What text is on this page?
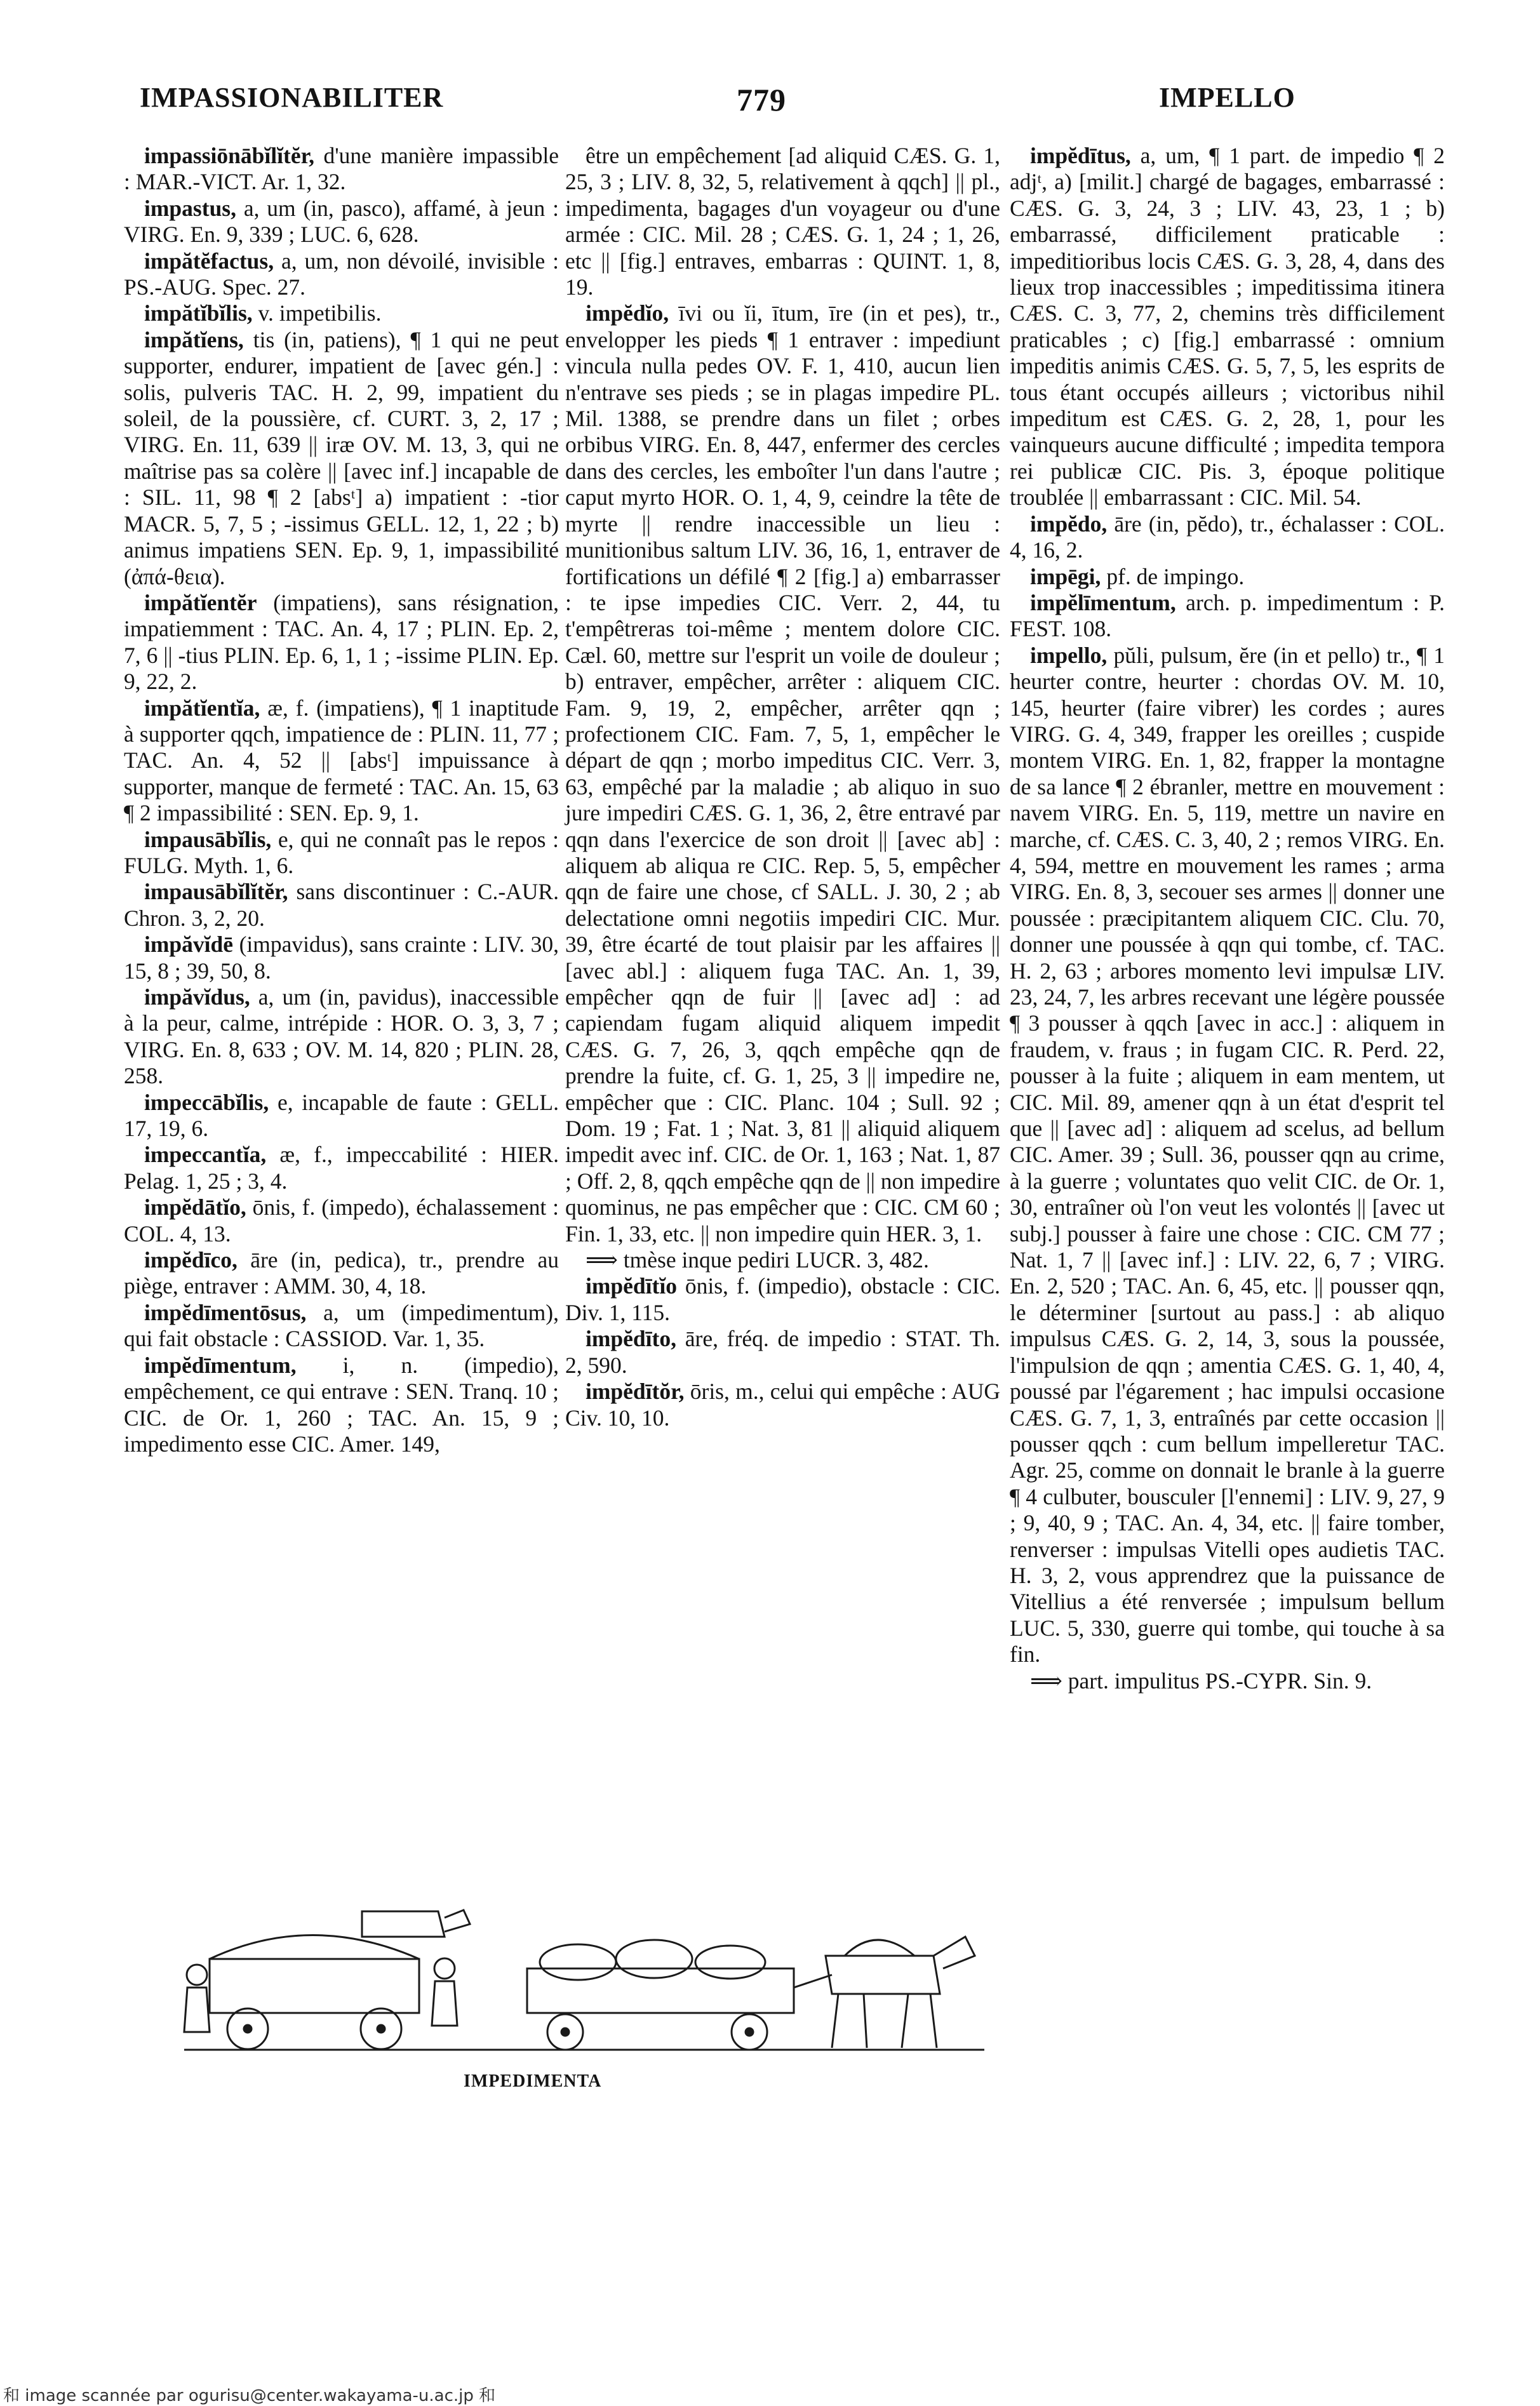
IMPASSIONABILITER	779	IMPELLO

impassiōnābĭlĭtĕr, d'une manière impassible : MAR.-VICT. Ar. 1, 32.

impastus, a, um (in, pasco), affamé, à jeun : VIRG. En. 9, 339 ; LUC. 6, 628.

impătĕfactus, a, um, non dévoilé, invisible : PS.-AUG. Spec. 27.

impătĭbĭlis, v. impetibilis.

impătĭens, tis (in, patiens), ¶ 1 qui ne peut supporter, endurer, impatient de [avec gén.] : solis, pulveris TAC. H. 2, 99, impatient du soleil, de la poussière, cf. CURT. 3, 2, 17 ; VIRG. En. 11, 639 || iræ OV. M. 13, 3, qui ne maîtrise pas sa colère || [avec inf.] incapable de : SIL. 11, 98 ¶ 2 [absᵗ] a) impatient : -tior MACR. 5, 7, 5 ; -issimus GELL. 12, 1, 22 ; b) animus impatiens SEN. Ep. 9, 1, impassibilité (ἀπά-θεια).

impătĭentĕr (impatiens), sans résignation, impatiemment : TAC. An. 4, 17 ; PLIN. Ep. 2, 7, 6 || -tius PLIN. Ep. 6, 1, 1 ; -issime PLIN. Ep. 9, 22, 2.

impătĭentĭa, æ, f. (impatiens), ¶ 1 inaptitude à supporter qqch, impatience de : PLIN. 11, 77 ; TAC. An. 4, 52 || [absᵗ] impuissance à supporter, manque de fermeté : TAC. An. 15, 63 ¶ 2 impassibilité : SEN. Ep. 9, 1.

impausābĭlis, e, qui ne connaît pas le repos : FULG. Myth. 1, 6.

impausābĭlĭtĕr, sans discontinuer : C.-AUR. Chron. 3, 2, 20.

impăvĭdē (impavidus), sans crainte : LIV. 30, 15, 8 ; 39, 50, 8.

impăvĭdus, a, um (in, pavidus), inaccessible à la peur, calme, intrépide : HOR. O. 3, 3, 7 ; VIRG. En. 8, 633 ; OV. M. 14, 820 ; PLIN. 28, 258.

impeccābĭlis, e, incapable de faute : GELL. 17, 19, 6.

impeccantĭa, æ, f., impeccabilité : HIER. Pelag. 1, 25 ; 3, 4.

impĕdātĭo, ōnis, f. (impedo), échalassement : COL. 4, 13.

impĕdīco, āre (in, pedica), tr., prendre au piège, entraver : AMM. 30, 4, 18.

impĕdīmentōsus, a, um (impedimentum), qui fait obstacle : CASSIOD. Var. 1, 35.

impĕdīmentum, i, n. (impedio), empêchement, ce qui entrave : SEN. Tranq. 10 ; CIC. de Or. 1, 260 ; TAC. An. 15, 9 ; impedimento esse CIC. Amer. 149,

être un empêchement [ad aliquid CÆS. G. 1, 25, 3 ; LIV. 8, 32, 5, relativement à qqch] || pl., impedimenta, bagages d'un voyageur ou d'une armée : CIC. Mil. 28 ; CÆS. G. 1, 24 ; 1, 26, etc || [fig.] entraves, embarras : QUINT. 1, 8, 19.

impĕdĭo, īvi ou ĭi, ītum, īre (in et pes), tr., envelopper les pieds ¶ 1 entraver : impediunt vincula nulla pedes OV. F. 1, 410, aucun lien n'entrave ses pieds ; se in plagas impedire PL. Mil. 1388, se prendre dans un filet ; orbes orbibus VIRG. En. 8, 447, enfermer des cercles dans des cercles, les emboîter l'un dans l'autre ; caput myrto HOR. O. 1, 4, 9, ceindre la tête de myrte || rendre inaccessible un lieu : munitionibus saltum LIV. 36, 16, 1, entraver de fortifications un défilé ¶ 2 [fig.] a) embarrasser : te ipse impedies CIC. Verr. 2, 44, tu t'empêtreras toi-même ; mentem dolore CIC. Cæl. 60, mettre sur l'esprit un voile de douleur ; b) entraver, empêcher, arrêter : aliquem CIC. Fam. 9, 19, 2, empêcher, arrêter qqn ; profectionem CIC. Fam. 7, 5, 1, empêcher le départ de qqn ; morbo impeditus CIC. Verr. 3, 63, empêché par la maladie ; ab aliquo in suo jure impediri CÆS. G. 1, 36, 2, être entravé par qqn dans l'exercice de son droit || [avec ab] : aliquem ab aliqua re CIC. Rep. 5, 5, empêcher qqn de faire une chose, cf SALL. J. 30, 2 ; ab delectatione omni negotiis impediri CIC. Mur. 39, être écarté de tout plaisir par les affaires || [avec abl.] : aliquem fuga TAC. An. 1, 39, empêcher qqn de fuir || [avec ad] : ad capiendam fugam aliquid aliquem impedit CÆS. G. 7, 26, 3, qqch empêche qqn de prendre la fuite, cf. G. 1, 25, 3 || impedire ne, empêcher que : CIC. Planc. 104 ; Sull. 92 ; Dom. 19 ; Fat. 1 ; Nat. 3, 81 || aliquid aliquem impedit avec inf. CIC. de Or. 1, 163 ; Nat. 1, 87 ; Off. 2, 8, qqch empêche qqn de || non impedire quominus, ne pas empêcher que : CIC. CM 60 ; Fin. 1, 33, etc. || non impedire quin HER. 3, 1.

⟹ tmèse inque pediri LUCR. 3, 482.

impĕdītĭo ōnis, f. (impedio), obstacle : CIC. Div. 1, 115.

impĕdīto, āre, fréq. de impedio : STAT. Th. 2, 590.

impĕdītŏr, ōris, m., celui qui empêche : AUG Civ. 10, 10.

impĕdītus, a, um, ¶ 1 part. de impedio ¶ 2 adjᵗ, a) [milit.] chargé de bagages, embarrassé : CÆS. G. 3, 24, 3 ; LIV. 43, 23, 1 ; b) embarrassé, difficilement praticable : impeditioribus locis CÆS. G. 3, 28, 4, dans des lieux trop inaccessibles ; impeditissima itinera CÆS. C. 3, 77, 2, chemins très difficilement praticables ; c) [fig.] embarrassé : omnium impeditis animis CÆS. G. 5, 7, 5, les esprits de tous étant occupés ailleurs ; victoribus nihil impeditum est CÆS. G. 2, 28, 1, pour les vainqueurs aucune difficulté ; impedita tempora rei publicæ CIC. Pis. 3, époque politique troublée || embarrassant : CIC. Mil. 54.

impĕdo, āre (in, pĕdo), tr., échalasser : COL. 4, 16, 2.

impēgi, pf. de impingo.

impĕlīmentum, arch. p. impedimentum : P. FEST. 108.

impello, pŭli, pulsum, ĕre (in et pello) tr., ¶ 1 heurter contre, heurter : chordas OV. M. 10, 145, heurter (faire vibrer) les cordes ; aures VIRG. G. 4, 349, frapper les oreilles ; cuspide montem VIRG. En. 1, 82, frapper la montagne de sa lance ¶ 2 ébranler, mettre en mouvement : navem VIRG. En. 5, 119, mettre un navire en marche, cf. CÆS. C. 3, 40, 2 ; remos VIRG. En. 4, 594, mettre en mouvement les rames ; arma VIRG. En. 8, 3, secouer ses armes || donner une poussée : præcipitantem aliquem CIC. Clu. 70, donner une poussée à qqn qui tombe, cf. TAC. H. 2, 63 ; arbores momento levi impulsæ LIV. 23, 24, 7, les arbres recevant une légère poussée ¶ 3 pousser à qqch [avec in acc.] : aliquem in fraudem, v. fraus ; in fugam CIC. R. Perd. 22, pousser à la fuite ; aliquem in eam mentem, ut CIC. Mil. 89, amener qqn à un état d'esprit tel que || [avec ad] : aliquem ad scelus, ad bellum CIC. Amer. 39 ; Sull. 36, pousser qqn au crime, à la guerre ; voluntates quo velit CIC. de Or. 1, 30, entraîner où l'on veut les volontés || [avec ut subj.] pousser à faire une chose : CIC. CM 77 ; Nat. 1, 7 || [avec inf.] : LIV. 22, 6, 7 ; VIRG. En. 2, 520 ; TAC. An. 6, 45, etc. || pousser qqn, le déterminer [surtout au pass.] : ab aliquo impulsus CÆS. G. 2, 14, 3, sous la poussée, l'impulsion de qqn ; amentia CÆS. G. 1, 40, 4, poussé par l'égarement ; hac impulsi occasione CÆS. G. 7, 1, 3, entraînés par cette occasion || pousser qqch : cum bellum impelleretur TAC. Agr. 25, comme on donnait le branle à la guerre ¶ 4 culbuter, bousculer [l'ennemi] : LIV. 9, 27, 9 ; 9, 40, 9 ; TAC. An. 4, 34, etc. || faire tomber, renverser : impulsas Vitelli opes audietis TAC. H. 3, 2, vous apprendrez que la puissance de Vitellius a été renversée ; impulsum bellum LUC. 5, 330, guerre qui tombe, qui touche à sa fin.

⟹ part. impulitus PS.-CYPR. Sin. 9.

IMPEDIMENTA
和 image scannée par ogurisu@center.wakayama-u.ac.jp 和
